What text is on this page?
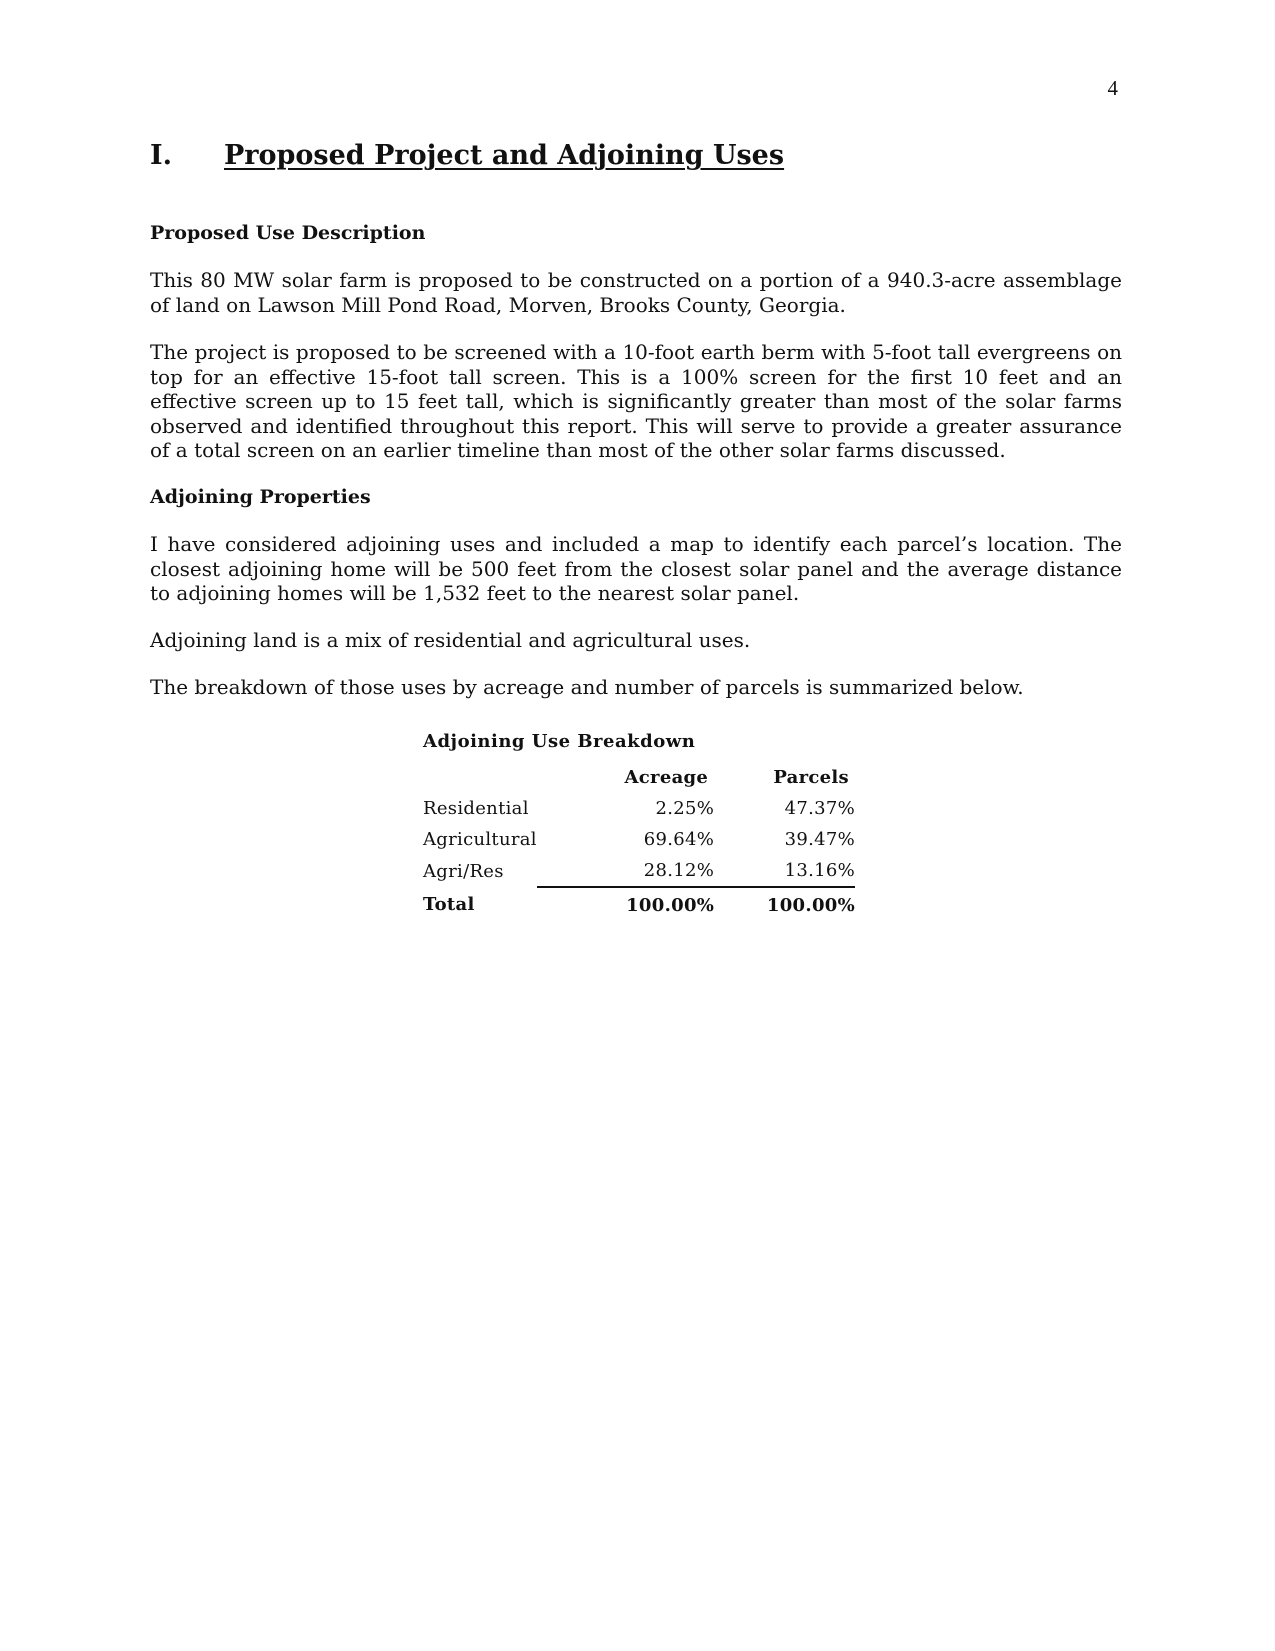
4
I. Proposed Project and Adjoining Uses
Proposed Use Description

This 80 MW solar farm is proposed to be constructed on a portion of a 940.3-acre assemblage of land on Lawson Mill Pond Road, Morven, Brooks County, Georgia.

The project is proposed to be screened with a 10-foot earth berm with 5-foot tall evergreens on top for an effective 15-foot tall screen. This is a 100% screen for the first 10 feet and an effective screen up to 15 feet tall, which is significantly greater than most of the solar farms observed and identified throughout this report. This will serve to provide a greater assurance of a total screen on an earlier timeline than most of the other solar farms discussed.

Adjoining Properties

I have considered adjoining uses and included a map to identify each parcel’s location. The closest adjoining home will be 500 feet from the closest solar panel and the average distance to adjoining homes will be 1,532 feet to the nearest solar panel.

Adjoining land is a mix of residential and agricultural uses.

The breakdown of those uses by acreage and number of parcels is summarized below.

Adjoining Use Breakdown
	Acreage	Parcels
Residential	2.25%	47.37%
Agricultural	69.64%	39.47%
Agri/Res	28.12%	13.16%
Total	100.00%	100.00%
